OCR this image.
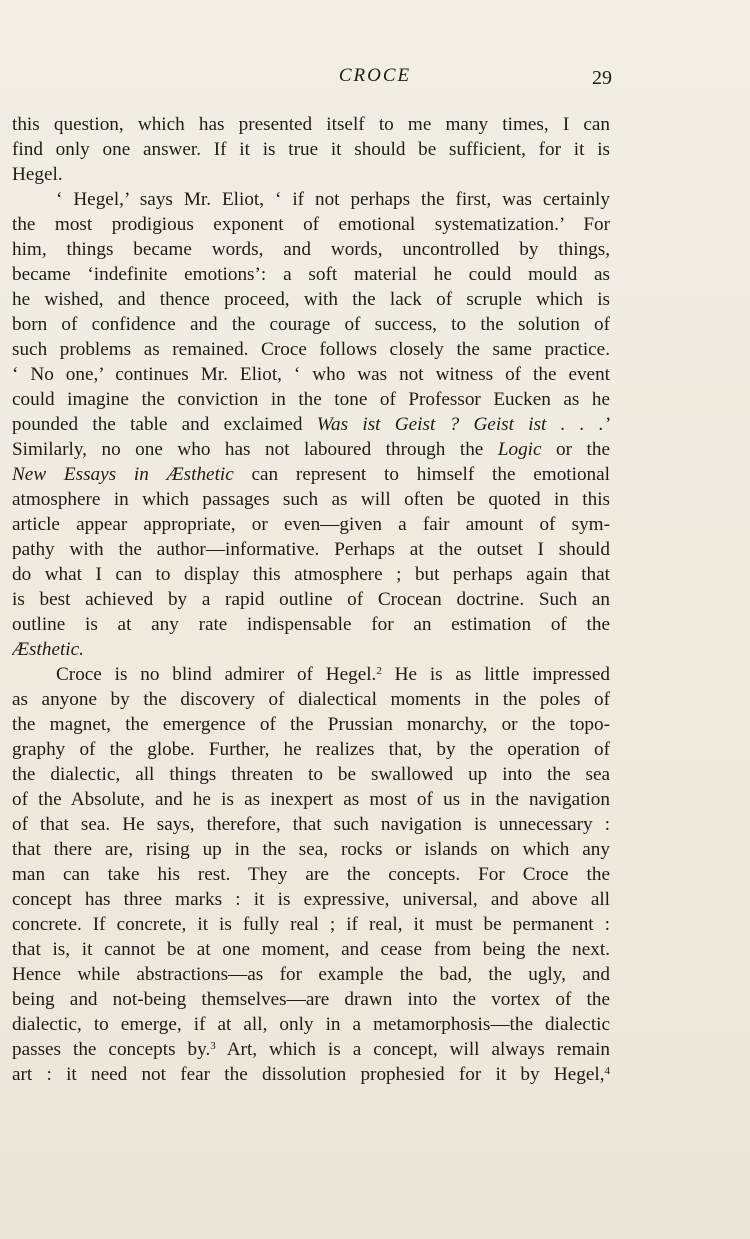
CROCE	29
this question, which has presented itself to me many times, I can
find only one answer. If it is true it should be sufficient, for it is
Hegel.
‘ Hegel,’ says Mr. Eliot, ‘ if not perhaps the first, was certainly
the most prodigious exponent of emotional systematization.’ For
him, things became words, and words, uncontrolled by things,
became ‘indefinite emotions’: a soft material he could mould as
he wished, and thence proceed, with the lack of scruple which is
born of confidence and the courage of success, to the solution of
such problems as remained. Croce follows closely the same practice.
‘ No one,’ continues Mr. Eliot, ‘ who was not witness of the event
could imagine the conviction in the tone of Professor Eucken as he
pounded the table and exclaimed Was ist Geist ? Geist ist . . .’
Similarly, no one who has not laboured through the Logic or the
New Essays in Æsthetic can represent to himself the emotional
atmosphere in which passages such as will often be quoted in this
article appear appropriate, or even—given a fair amount of sym-
pathy with the author—informative. Perhaps at the outset I should
do what I can to display this atmosphere ; but perhaps again that
is best achieved by a rapid outline of Crocean doctrine. Such an
outline is at any rate indispensable for an estimation of the
Æsthetic.
Croce is no blind admirer of Hegel.$^2$ He is as little impressed
as anyone by the discovery of dialectical moments in the poles of
the magnet, the emergence of the Prussian monarchy, or the topo-
graphy of the globe. Further, he realizes that, by the operation of
the dialectic, all things threaten to be swallowed up into the sea
of the Absolute, and he is as inexpert as most of us in the navigation
of that sea. He says, therefore, that such navigation is unnecessary :
that there are, rising up in the sea, rocks or islands on which any
man can take his rest. They are the concepts. For Croce the
concept has three marks : it is expressive, universal, and above all
concrete. If concrete, it is fully real ; if real, it must be permanent :
that is, it cannot be at one moment, and cease from being the next.
Hence while abstractions—as for example the bad, the ugly, and
being and not-being themselves—are drawn into the vortex of the
dialectic, to emerge, if at all, only in a metamorphosis—the dialectic
passes the concepts by.$^3$ Art, which is a concept, will always remain
art : it need not fear the dissolution prophesied for it by Hegel,$^4$
